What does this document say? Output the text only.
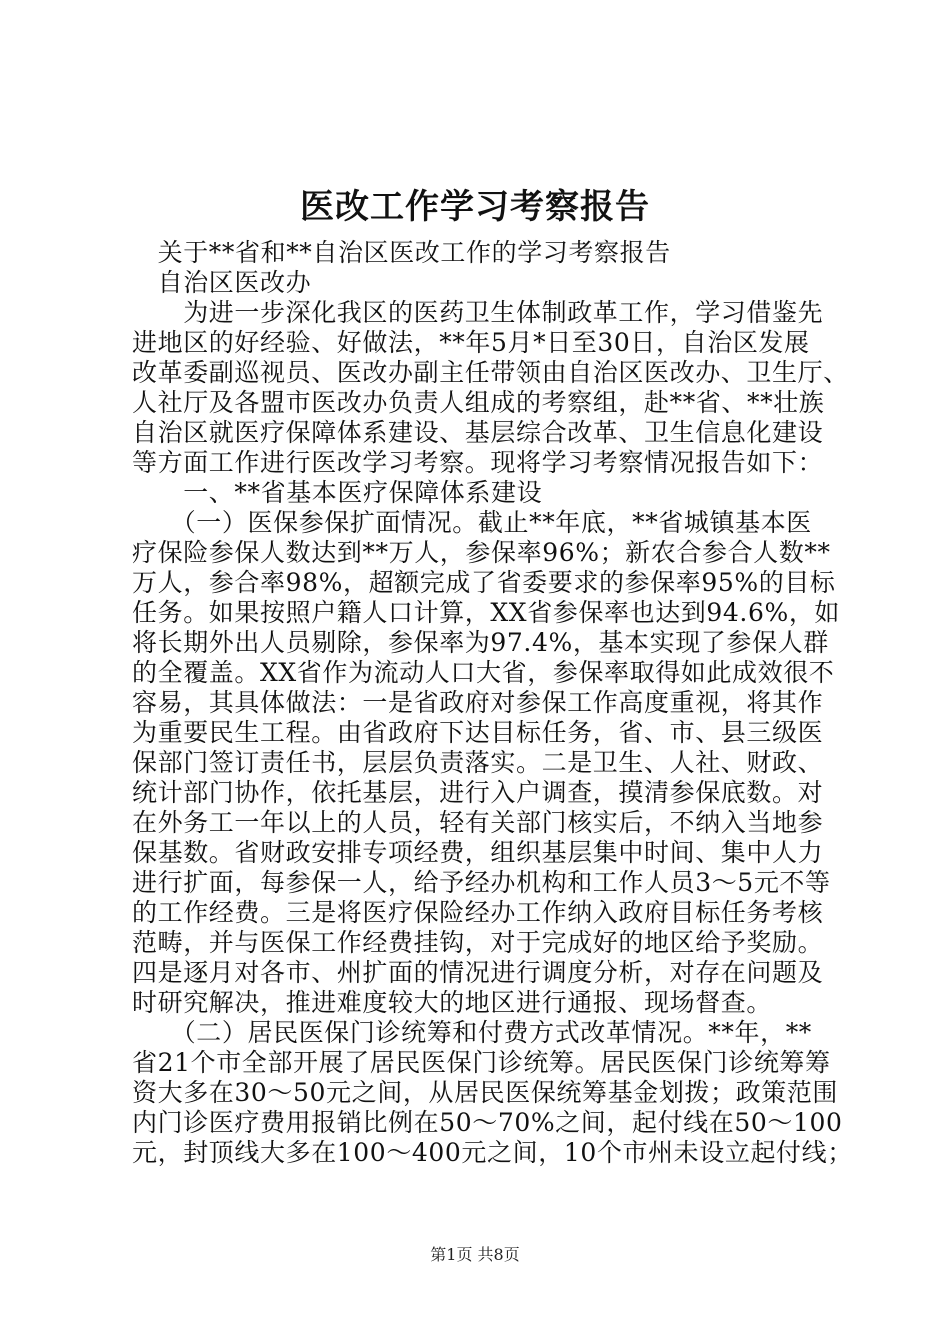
医改工作学习考察报告

　关于**省和**自治区医改工作的学习考察报告

　自治区医改办

　　为进一步深化我区的医药卫生体制政革工作，学习借鉴先

进地区的好经验、好做法，**年5月*日至30日，自治区发展

改革委副巡视员、医改办副主任带领由自治区医改办、卫生厅、

人社厅及各盟市医改办负责人组成的考察组，赴**省、**壮族

自治区就医疗保障体系建设、基层综合改革、卫生信息化建设

等方面工作进行医改学习考察。现将学习考察情况报告如下：

　　一、**省基本医疗保障体系建设

　　（一）医保参保扩面情况。截止**年底，**省城镇基本医

疗保险参保人数达到**万人，参保率96%；新农合参合人数**

万人，参合率98%，超额完成了省委要求的参保率95%的目标

任务。如果按照户籍人口计算，XX省参保率也达到94.6%，如

将长期外出人员剔除，参保率为97.4%，基本实现了参保人群

的全覆盖。XX省作为流动人口大省，参保率取得如此成效很不

容易，其具体做法：一是省政府对参保工作高度重视，将其作

为重要民生工程。由省政府下达目标任务，省、市、县三级医

保部门签订责任书，层层负责落实。二是卫生、人社、财政、

统计部门协作，依托基层，进行入户调查，摸清参保底数。对

在外务工一年以上的人员，轻有关部门核实后，不纳入当地参

保基数。省财政安排专项经费，组织基层集中时间、集中人力

进行扩面，每参保一人，给予经办机构和工作人员3～5元不等

的工作经费。三是将医疗保险经办工作纳入政府目标任务考核

范畴，并与医保工作经费挂钩，对于完成好的地区给予奖励。

四是逐月对各市、州扩面的情况进行调度分析，对存在问题及

时研究解决，推进难度较大的地区进行通报、现场督查。

　　（二）居民医保门诊统筹和付费方式改革情况。**年，**

省21个市全部开展了居民医保门诊统筹。居民医保门诊统筹筹

资大多在30～50元之间，从居民医保统筹基金划拨；政策范围

内门诊医疗费用报销比例在50～70%之间，起付线在50～100

元，封顶线大多在100～400元之间，10个市州未设立起付线；

第1页 共8页
